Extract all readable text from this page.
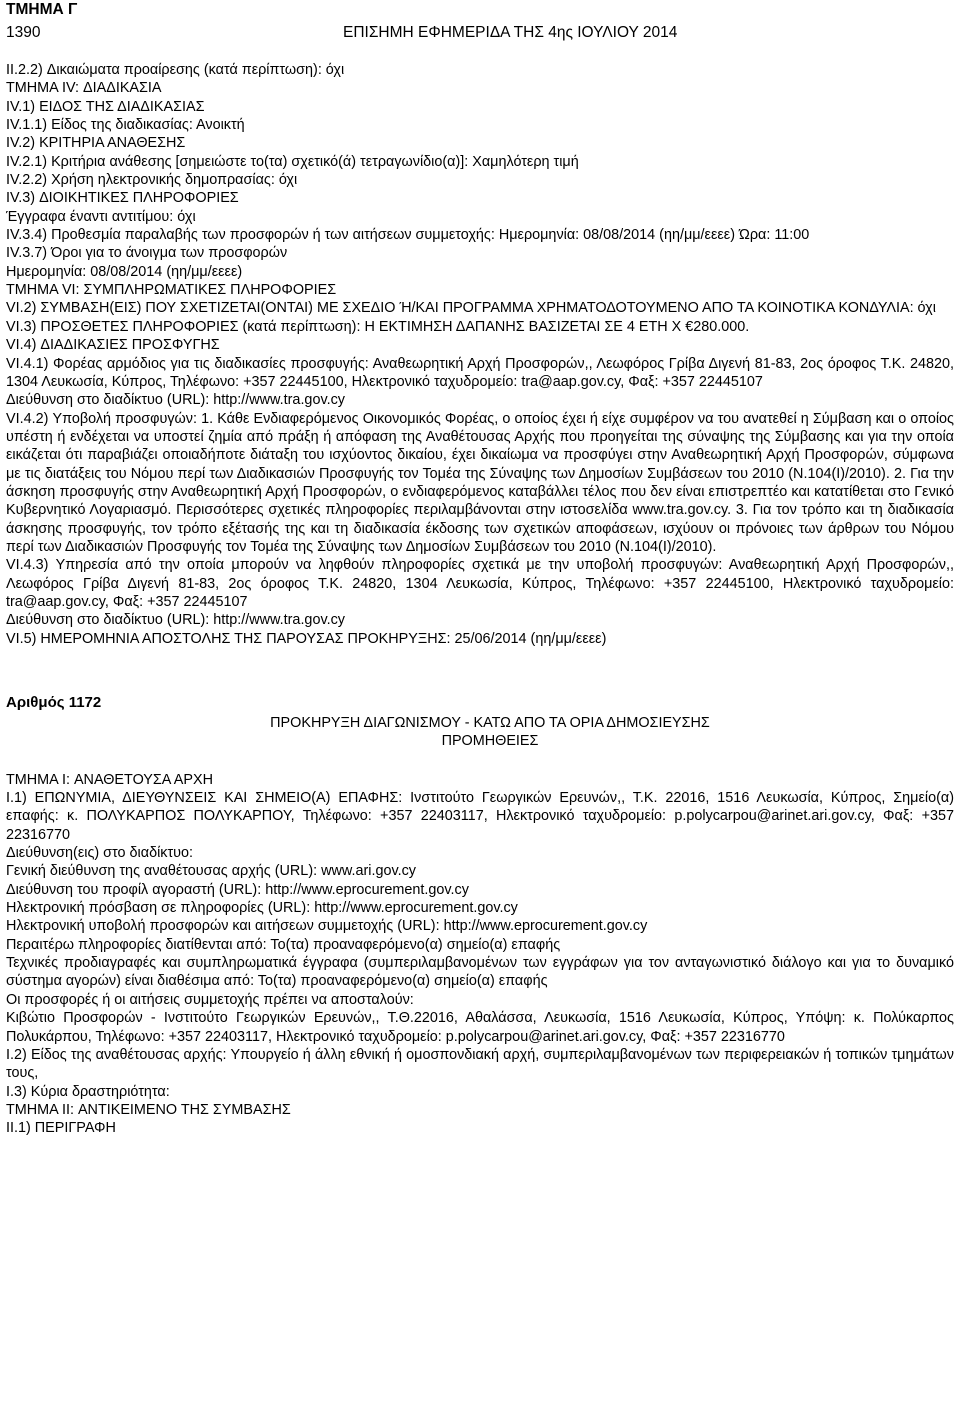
ΤΜΗΜΑ Γ
1390	ΕΠΙΣΗΜΗ ΕΦΗΜΕΡΙΔΑ ΤΗΣ 4ης ΙΟΥΛΙΟΥ 2014
II.2.2) Δικαιώματα προαίρεσης (κατά περίπτωση): όχι
ΤΜΗΜΑ IV: ΔΙΑΔΙΚΑΣΙΑ
IV.1) ΕΙΔΟΣ ΤΗΣ ΔΙΑΔΙΚΑΣΙΑΣ
IV.1.1) Είδος της διαδικασίας: Ανοικτή
IV.2) ΚΡΙΤΗΡΙΑ ΑΝΑΘΕΣΗΣ
IV.2.1) Κριτήρια ανάθεσης [σημειώστε το(τα) σχετικό(ά) τετραγωνίδιο(α)]: Χαμηλότερη τιμή
IV.2.2) Χρήση ηλεκτρονικής δημοπρασίας: όχι
IV.3) ΔΙΟΙΚΗΤΙΚΕΣ ΠΛΗΡΟΦΟΡΙΕΣ
Έγγραφα έναντι αντιτίμου: όχι
IV.3.4) Προθεσμία παραλαβής των προσφορών ή των αιτήσεων συμμετοχής: Ημερομηνία: 08/08/2014 (ηη/μμ/εεεε) Ώρα: 11:00
IV.3.7) Όροι για το άνοιγμα των προσφορών
Ημερομηνία: 08/08/2014 (ηη/μμ/εεεε)
ΤΜΗΜΑ VI: ΣΥΜΠΛΗΡΩΜΑΤΙΚΕΣ ΠΛΗΡΟΦΟΡΙΕΣ
VI.2) ΣΥΜΒΑΣΗ(ΕΙΣ) ΠΟΥ ΣΧΕΤΙΖΕΤΑΙ(ΟΝΤΑΙ) ΜΕ ΣΧΕΔΙΟ Ή/ΚΑΙ ΠΡΟΓΡΑΜΜΑ ΧΡΗΜΑΤΟΔΟΤΟΥΜΕΝΟ ΑΠΟ ΤΑ ΚΟΙΝΟΤΙΚΑ ΚΟΝΔΥΛΙΑ: όχι
VI.3) ΠΡΟΣΘΕΤΕΣ ΠΛΗΡΟΦΟΡΙΕΣ (κατά περίπτωση): Η ΕΚΤΙΜΗΣΗ ΔΑΠΑΝΗΣ ΒΑΣΙΖΕΤΑΙ ΣΕ 4 ΕΤΗ Χ €280.000.
VI.4) ΔΙΑΔΙΚΑΣΙΕΣ ΠΡΟΣΦΥΓΗΣ
VI.4.1) Φορέας αρμόδιος για τις διαδικασίες προσφυγής: Αναθεωρητική Αρχή Προσφορών,, Λεωφόρος Γρίβα Διγενή 81-83, 2ος όροφος Τ.Κ. 24820, 1304 Λευκωσία, Κύπρος, Τηλέφωνο: +357 22445100, Ηλεκτρονικό ταχυδρομείο: tra@aap.gov.cy, Φαξ: +357 22445107
Διεύθυνση στο διαδίκτυο (URL): http://www.tra.gov.cy
VI.4.2) Υποβολή προσφυγών: 1. Κάθε Ενδιαφερόμενος Οικονομικός Φορέας, ο οποίος έχει ή είχε συμφέρον να του ανατεθεί η Σύμβαση και ο οποίος υπέστη ή ενδέχεται να υποστεί ζημία από πράξη ή απόφαση της Αναθέτουσας Αρχής που προηγείται της σύναψης της Σύμβασης και για την οποία εικάζεται ότι παραβιάζει οποιαδήποτε διάταξη του ισχύοντος δικαίου, έχει δικαίωμα να προσφύγει στην Αναθεωρητική Αρχή Προσφορών, σύμφωνα με τις διατάξεις του Νόμου περί των Διαδικασιών Προσφυγής τον Τομέα της Σύναψης των Δημοσίων Συμβάσεων του 2010 (Ν.104(I)/2010). 2. Για την άσκηση προσφυγής στην Αναθεωρητική Αρχή Προσφορών, ο ενδιαφερόμενος καταβάλλει τέλος που δεν είναι επιστρεπτέο και κατατίθεται στο Γενικό Κυβερνητικό Λογαριασμό. Περισσότερες σχετικές πληροφορίες περιλαμβάνονται στην ιστοσελίδα www.tra.gov.cy. 3. Για τον τρόπο και τη διαδικασία άσκησης προσφυγής, τον τρόπο εξέτασής της και τη διαδικασία έκδοσης των σχετικών αποφάσεων, ισχύουν οι πρόνοιες των άρθρων του Νόμου περί των Διαδικασιών Προσφυγής τον Τομέα της Σύναψης των Δημοσίων Συμβάσεων του 2010 (Ν.104(I)/2010).
VI.4.3) Υπηρεσία από την οποία μπορούν να ληφθούν πληροφορίες σχετικά με την υποβολή προσφυγών: Αναθεωρητική Αρχή Προσφορών,, Λεωφόρος Γρίβα Διγενή 81-83, 2ος όροφος Τ.Κ. 24820, 1304 Λευκωσία, Κύπρος, Τηλέφωνο: +357 22445100, Ηλεκτρονικό ταχυδρομείο: tra@aap.gov.cy, Φαξ: +357 22445107
Διεύθυνση στο διαδίκτυο (URL): http://www.tra.gov.cy
VI.5) ΗΜΕΡΟΜΗΝΙΑ ΑΠΟΣΤΟΛΗΣ ΤΗΣ ΠΑΡΟΥΣΑΣ ΠΡΟΚΗΡΥΞΗΣ: 25/06/2014 (ηη/μμ/εεεε)
Αριθμός 1172
ΠΡΟΚΗΡΥΞΗ ΔΙΑΓΩΝΙΣΜΟΥ - ΚΑΤΩ ΑΠΟ ΤΑ ΟΡΙΑ ΔΗΜΟΣΙΕΥΣΗΣ
ΠΡΟΜΗΘΕΙΕΣ
ΤΜΗΜΑ I: ΑΝΑΘΕΤΟΥΣΑ ΑΡΧΗ
I.1) ΕΠΩΝΥΜΙΑ, ΔΙΕΥΘΥΝΣΕΙΣ ΚΑΙ ΣΗΜΕΙΟ(Α) ΕΠΑΦΗΣ: Ινστιτούτο Γεωργικών Ερευνών,, Τ.Κ. 22016, 1516 Λευκωσία, Κύπρος, Σημείο(α) επαφής: κ. ΠΟΛΥΚΑΡΠΟΣ ΠΟΛΥΚΑΡΠΟΥ, Τηλέφωνο: +357 22403117, Ηλεκτρονικό ταχυδρομείο: p.polycarpou@arinet.ari.gov.cy, Φαξ: +357 22316770
Διεύθυνση(εις) στο διαδίκτυο:
Γενική διεύθυνση της αναθέτουσας αρχής (URL): www.ari.gov.cy
Διεύθυνση του προφίλ αγοραστή (URL): http://www.eprocurement.gov.cy
Ηλεκτρονική πρόσβαση σε πληροφορίες (URL): http://www.eprocurement.gov.cy
Ηλεκτρονική υποβολή προσφορών και αιτήσεων συμμετοχής (URL): http://www.eprocurement.gov.cy
Περαιτέρω πληροφορίες διατίθενται από: Το(τα) προαναφερόμενο(α) σημείο(α) επαφής
Τεχνικές προδιαγραφές και συμπληρωματικά έγγραφα (συμπεριλαμβανομένων των εγγράφων για τον ανταγωνιστικό διάλογο και για το δυναμικό σύστημα αγορών) είναι διαθέσιμα από: Το(τα) προαναφερόμενο(α) σημείο(α) επαφής
Οι προσφορές ή οι αιτήσεις συμμετοχής πρέπει να αποσταλούν:
Κιβώτιο Προσφορών - Ινστιτούτο Γεωργικών Ερευνών,, Τ.Θ.22016, Αθαλάσσα, Λευκωσία, 1516 Λευκωσία, Κύπρος, Υπόψη: κ. Πολύκαρπος Πολυκάρπου, Τηλέφωνο: +357 22403117, Ηλεκτρονικό ταχυδρομείο: p.polycarpou@arinet.ari.gov.cy, Φαξ: +357 22316770
I.2) Είδος της αναθέτουσας αρχής: Υπουργείο ή άλλη εθνική ή ομοσπονδιακή αρχή, συμπεριλαμβανομένων των περιφερειακών ή τοπικών τμημάτων τους,
I.3) Κύρια δραστηριότητα:
ΤΜΗΜΑ II: ΑΝΤΙΚΕΙΜΕΝΟ ΤΗΣ ΣΥΜΒΑΣΗΣ
II.1) ΠΕΡΙΓΡΑΦΗ
